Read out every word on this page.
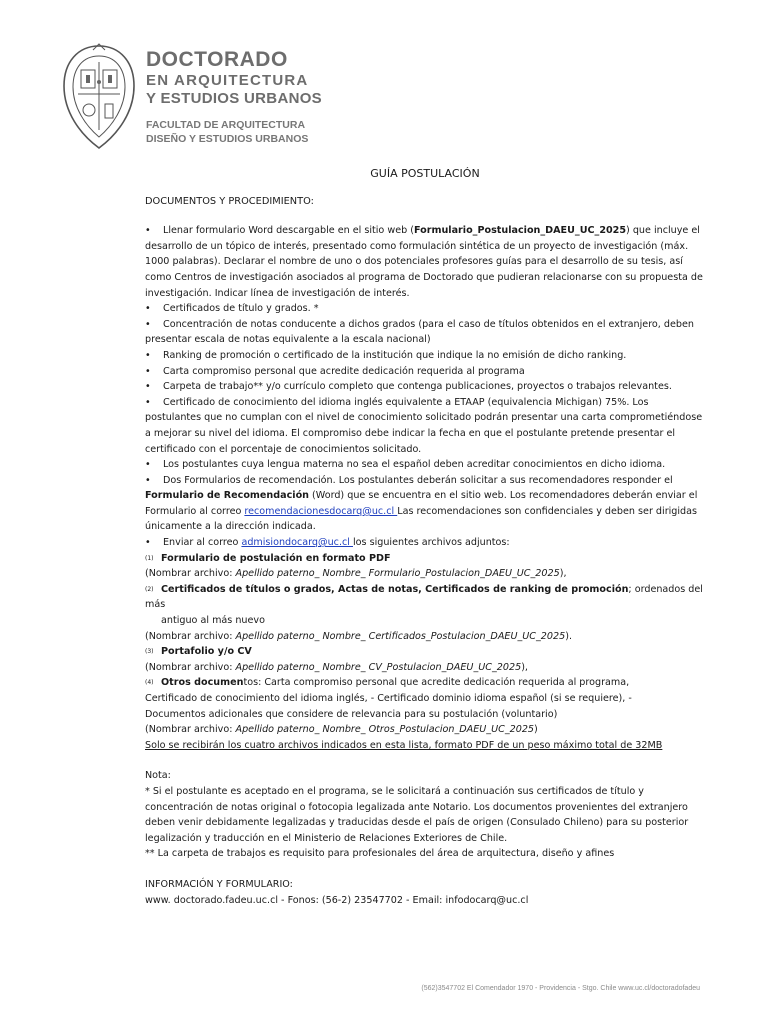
DOCTORADO
EN ARQUITECTURA
Y ESTUDIOS URBANOS
FACULTAD DE ARQUITECTURA
DISEÑO Y ESTUDIOS URBANOS
GUÍA POSTULACIÓN
DOCUMENTOS Y PROCEDIMIENTO:

• Llenar formulario Word descargable en el sitio web (Formulario_Postulacion_DAEU_UC_2025) que incluye el desarrollo de un tópico de interés, presentado como formulación sintética de un proyecto de investigación (máx. 1000 palabras). Declarar el nombre de uno o dos potenciales profesores guías para el desarrollo de su tesis, así como Centros de investigación asociados al programa de Doctorado que pudieran relacionarse con su propuesta de investigación. Indicar línea de investigación de interés.

• Certificados de título y grados. *

• Concentración de notas conducente a dichos grados (para el caso de títulos obtenidos en el extranjero, deben presentar escala de notas equivalente a la escala nacional)

• Ranking de promoción o certificado de la institución que indique la no emisión de dicho ranking.

• Carta compromiso personal que acredite dedicación requerida al programa

• Carpeta de trabajo** y/o currículo completo que contenga publicaciones, proyectos o trabajos relevantes.

• Certificado de conocimiento del idioma inglés equivalente a ETAAP (equivalencia Michigan) 75%. Los postulantes que no cumplan con el nivel de conocimiento solicitado podrán presentar una carta comprometiéndose a mejorar su nivel del idioma. El compromiso debe indicar la fecha en que el postulante pretende presentar el certificado con el porcentaje de conocimientos solicitado.

• Los postulantes cuya lengua materna no sea el español deben acreditar conocimientos en dicho idioma.

• Dos Formularios de recomendación. Los postulantes deberán solicitar a sus recomendadores responder el Formulario de Recomendación (Word) que se encuentra en el sitio web. Los recomendadores deberán enviar el Formulario al correo recomendacionesdocarq@uc.cl Las recomendaciones son confidenciales y deben ser dirigidas únicamente a la dirección indicada.

• Enviar al correo admisiondocarq@uc.cl los siguientes archivos adjuntos:

(1) Formulario de postulación en formato PDF

(Nombrar archivo: Apellido paterno_ Nombre_ Formulario_Postulacion_DAEU_UC_2025),

(2) Certificados de títulos o grados, Actas de notas, Certificados de ranking de promoción; ordenados del más

antiguo al más nuevo

(Nombrar archivo: Apellido paterno_ Nombre_ Certificados_Postulacion_DAEU_UC_2025).

(3) Portafolio y/o CV

(Nombrar archivo: Apellido paterno_ Nombre_ CV_Postulacion_DAEU_UC_2025),

(4) Otros documentos: Carta compromiso personal que acredite dedicación requerida al programa,

Certificado de conocimiento del idioma inglés, - Certificado dominio idioma español (si se requiere), -

Documentos adicionales que considere de relevancia para su postulación (voluntario)

(Nombrar archivo: Apellido paterno_ Nombre_ Otros_Postulacion_DAEU_UC_2025)

Solo se recibirán los cuatro archivos indicados en esta lista, formato PDF de un peso máximo total de 32MB

Nota:

* Si el postulante es aceptado en el programa, se le solicitará a continuación sus certificados de título y concentración de notas original o fotocopia legalizada ante Notario. Los documentos provenientes del extranjero deben venir debidamente legalizadas y traducidas desde el país de origen (Consulado Chileno) para su posterior legalización y traducción en el Ministerio de Relaciones Exteriores de Chile.

** La carpeta de trabajos es requisito para profesionales del área de arquitectura, diseño y afines

INFORMACIÓN Y FORMULARIO:

www. doctorado.fadeu.uc.cl - Fonos: (56-2) 23547702 - Email: infodocarq@uc.cl

(562)3547702 El Comendador 1970 - Providencia - Stgo. Chile www.uc.cl/doctoradofadeu
